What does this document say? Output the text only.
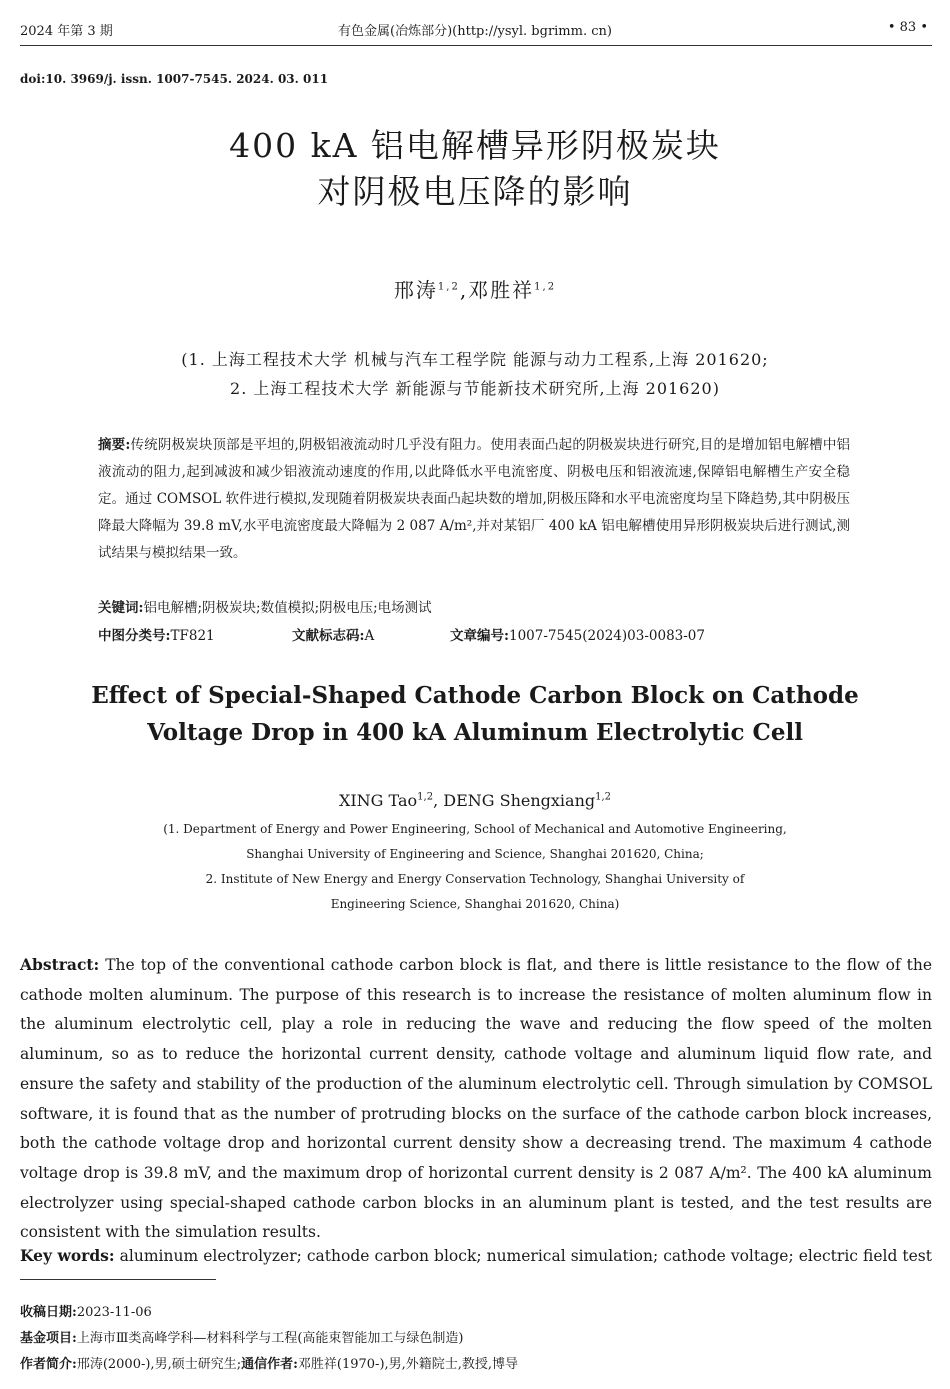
2024 年第 3 期	有色金属(冶炼部分)(http://ysyl. bgrimm. cn)	• 83 •
doi:10. 3969/j. issn. 1007-7545. 2024. 03. 011
400 kA 铝电解槽异形阴极炭块
对阴极电压降的影响
邢涛$^{1,2}$,邓胜祥$^{1,2}$
(1. 上海工程技术大学 机械与汽车工程学院 能源与动力工程系,上海 201620;
2. 上海工程技术大学 新能源与节能新技术研究所,上海 201620)
摘要:传统阴极炭块顶部是平坦的,阴极铝液流动时几乎没有阻力。使用表面凸起的阴极炭块进行研究,目的是增加铝电解槽中铝液流动的阻力,起到减波和减少铝液流动速度的作用,以此降低水平电流密度、阴极电压和铝液流速,保障铝电解槽生产安全稳定。通过 COMSOL 软件进行模拟,发现随着阴极炭块表面凸起块数的增加,阴极压降和水平电流密度均呈下降趋势,其中阴极压降最大降幅为 39.8 mV,水平电流密度最大降幅为 2 087 A/m²,并对某铝厂 400 kA 铝电解槽使用异形阴极炭块后进行测试,测试结果与模拟结果一致。
关键词:铝电解槽;阴极炭块;数值模拟;阴极电压;电场测试
中图分类号:TF821	文献标志码:A	文章编号:1007-7545(2024)03-0083-07
Effect of Special-Shaped Cathode Carbon Block on Cathode
Voltage Drop in 400 kA Aluminum Electrolytic Cell
XING Tao$^{1,2}$, DENG Shengxiang$^{1,2}$
(1. Department of Energy and Power Engineering, School of Mechanical and Automotive Engineering,
Shanghai University of Engineering and Science, Shanghai 201620, China;
2. Institute of New Energy and Energy Conservation Technology, Shanghai University of
Engineering Science, Shanghai 201620, China)
Abstract: The top of the conventional cathode carbon block is flat, and there is little resistance to the flow of the cathode molten aluminum. The purpose of this research is to increase the resistance of molten aluminum flow in the aluminum electrolytic cell, play a role in reducing the wave and reducing the flow speed of the molten aluminum, so as to reduce the horizontal current density, cathode voltage and aluminum liquid flow rate, and ensure the safety and stability of the production of the aluminum electrolytic cell. Through simulation by COMSOL software, it is found that as the number of protruding blocks on the surface of the cathode carbon block increases, both the cathode voltage drop and horizontal current density show a decreasing trend. The maximum 4 cathode voltage drop is 39.8 mV, and the maximum drop of horizontal current density is 2 087 A/m². The 400 kA aluminum electrolyzer using special-shaped cathode carbon blocks in an aluminum plant is tested, and the test results are consistent with the simulation results.
Key words: aluminum electrolyzer; cathode carbon block; numerical simulation; cathode voltage; electric field test
收稿日期:2023-11-06
基金项目:上海市Ⅲ类高峰学科—材料科学与工程(高能束智能加工与绿色制造)
作者简介:邢涛(2000-),男,硕士研究生;通信作者:邓胜祥(1970-),男,外籍院士,教授,博导
